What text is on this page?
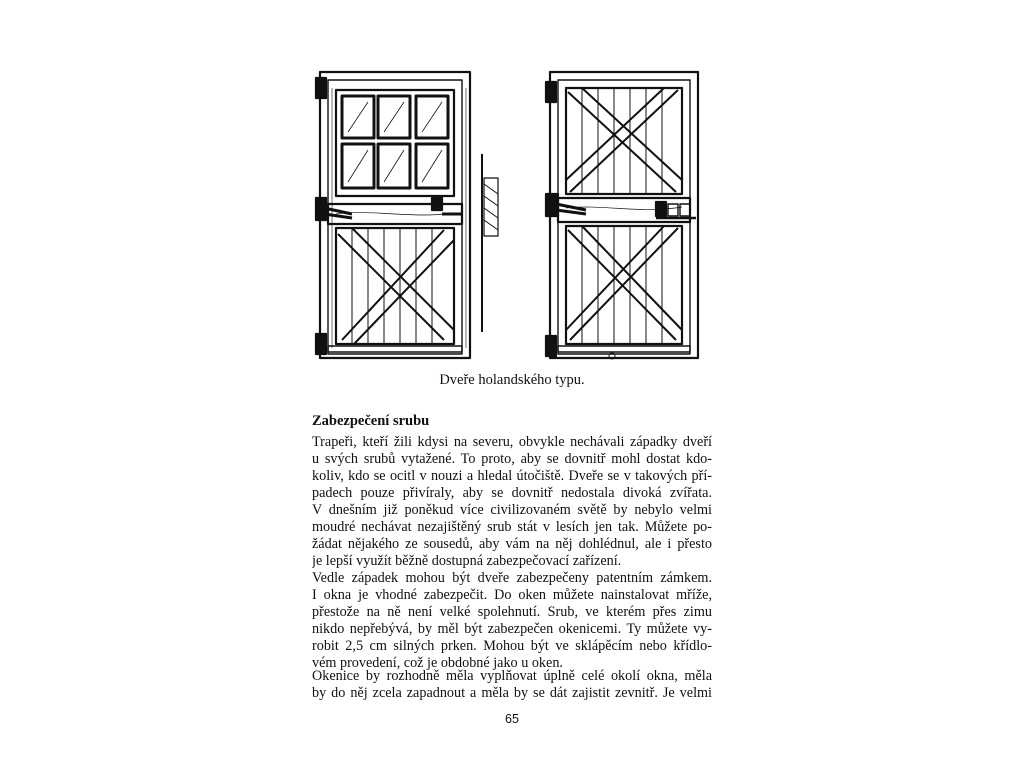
Dveře holandského typu.
Zabezpečení srubu

Trapeři, kteří žili kdysi na severu, obvykle nechávali západky dveří
u svých srubů vytažené. To proto, aby se dovnitř mohl dostat kdo-
koliv, kdo se ocitl v nouzi a hledal útočiště. Dveře se v takových pří-
padech pouze přivíraly, aby se dovnitř nedostala divoká zvířata.
V dnešním již poněkud více civilizovaném světě by nebylo velmi
moudré nechávat nezajištěný srub stát v lesích jen tak. Můžete po-
žádat nějakého ze sousedů, aby vám na něj dohlédnul, ale i přesto
je lepší využít běžně dostupná zabezpečovací zařízení.

Vedle západek mohou být dveře zabezpečeny patentním zámkem.
I okna je vhodné zabezpečit. Do oken můžete nainstalovat mříže,
přestože na ně není velké spolehnutí. Srub, ve kterém přes zimu
nikdo nepřebývá, by měl být zabezpečen okenicemi. Ty můžete vy-
robit 2,5 cm silných prken. Mohou být ve sklápěcím nebo křídlo-
vém provedení, což je obdobné jako u oken.

Okenice by rozhodně měla vyplňovat úplně celé okolí okna, měla
by do něj zcela zapadnout a měla by se dát zajistit zevnitř. Je velmi

65
